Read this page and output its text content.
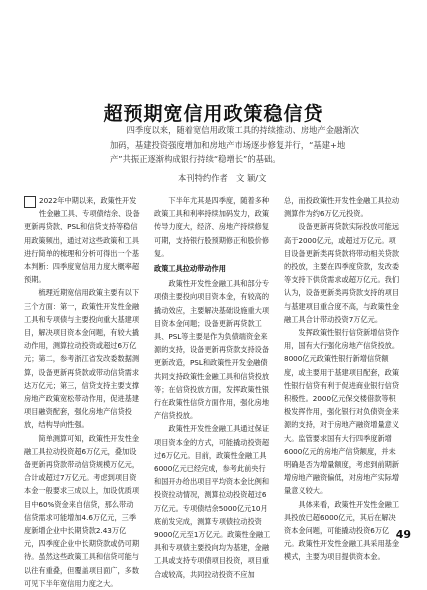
超预期宽信用政策稳信贷
四季度以来，随着宽信用政策工具的持续推动、房地产金融渐次加码，基建投资强度增加和房地产市场逐步修复并行，“基建+地产”共振正逐渐构成银行持续“稳增长”的基础。
本刊特约作者　文 颖/文

2022年中期以来，政策性开发性金融工具、专项债结余、设备更新再贷款、PSL和信贷支持等稳信用政策频出，通过对这些政策和工具进行简单的梳理和分析可得出一个基本判断：四季度宽信用力度大概率超预期。

梳理近期宽信用政策主要有以下三个方面：第一，政策性开发性金融工具和专项债与主要投向重大基建项目，解决项目资本金问题，有较大撬动作用，测算拉动投资或超过6万亿元；第二，参考浙江省发改委数据测算，设备更新再贷款或带动信贷需求达万亿元；第三，信贷支持主要支撑房地产政策宽松带动作用，促进基建项目融资配套，强化房地产信贷投放，结构导向性强。

简单测算可知，政策性开发性金融工具拉动投资超6万亿元，叠加设备更新再贷款带动信贷规模万亿元，合计或超过7万亿元。考虑到项目资本金一般要求三成以上，加设优质项目中60%资金来自信贷，那么带动信贷需求可能增加4.6万亿元，三季度新增企业中长期贷款2.43万亿元，四季度企业中长期贷款或仍可期待。虽然这些政策工具和信贷可能与以往有重叠，但覆盖项目面广，多数可见下半年宽信用力度之大。

下半年尤其是四季度，随着多种政策工具和利率持续加码发力，政策传导力度大，经济、房地产持续修复可期，支持银行股预期修正和股价修复。

政策工具拉动带动作用

政策性开发性金融工具和部分专项债主要投向项目资本金，有较高的撬动效应，主要解决基础设施重大项目资本金问题；设备更新再贷款工具、PSL等主要是作为负债端资金来源的支持，设备更新再贷款支持设备更新改造，PSL和政策性开发金融债共同支持政策性金融工具和信贷投放等；在信贷投放方面，发挥政策性银行在政策性信贷方面作用，强化房地产信贷投放。

政策性开发性金融工具通过保证项目资本金的方式，可能撬动投资超过6万亿元。目前，政策性金融工具6000亿元已经完成，参考此前央行和国开办给出项目平均资本金比例和投资拉动情况，测算拉动投资超过6万亿元。专项债结余5000亿元10月底前发完成，测算专项债拉动投资9000亿元至1万亿元。政策性金融工具和专项债主要投向均为基建，金融工具或支持专项债项目投资，项目重合或较高，共同拉动投资不应加

总，而投政策性开发性金融工具拉动测算作为约6万亿元投资。

设备更新再贷款实际投放可能远高于2000亿元，或超过万亿元。项目设备更新类再贷款将带动相关贷款的投放，主要在四季度贷款，发改委等支持下供货需求或超万亿元。我们认为，设备更新类再贷款支持的项目与基建项目重合度不高，与政策性金融工具合计带动投资7万亿元。

发挥政策性银行信贷新增信贷作用，国有大行强化房地产信贷投放。8000亿元政策性银行新增信贷额度，或主要用于基建项目配套，政策性银行信贷有利于促进商业银行信贷积极性。2000亿元保交楼借款等积极发挥作用，强化银行对负债资金来源的支持，对于房地产融资增量意义大。监管要求国有大行四季度新增6000亿元的房地产信贷额度，并未明确是否为增量额度，考虑到前期新增房地产融资偏低，对房地产实际增量意义较大。

具体来看，政策性开发性金融工具投放已超6000亿元，其后在解决资本金问题，可能撬动投资6万亿元。政策性开发性金融工具采用基金模式，主要为项目提供资本金。

49
